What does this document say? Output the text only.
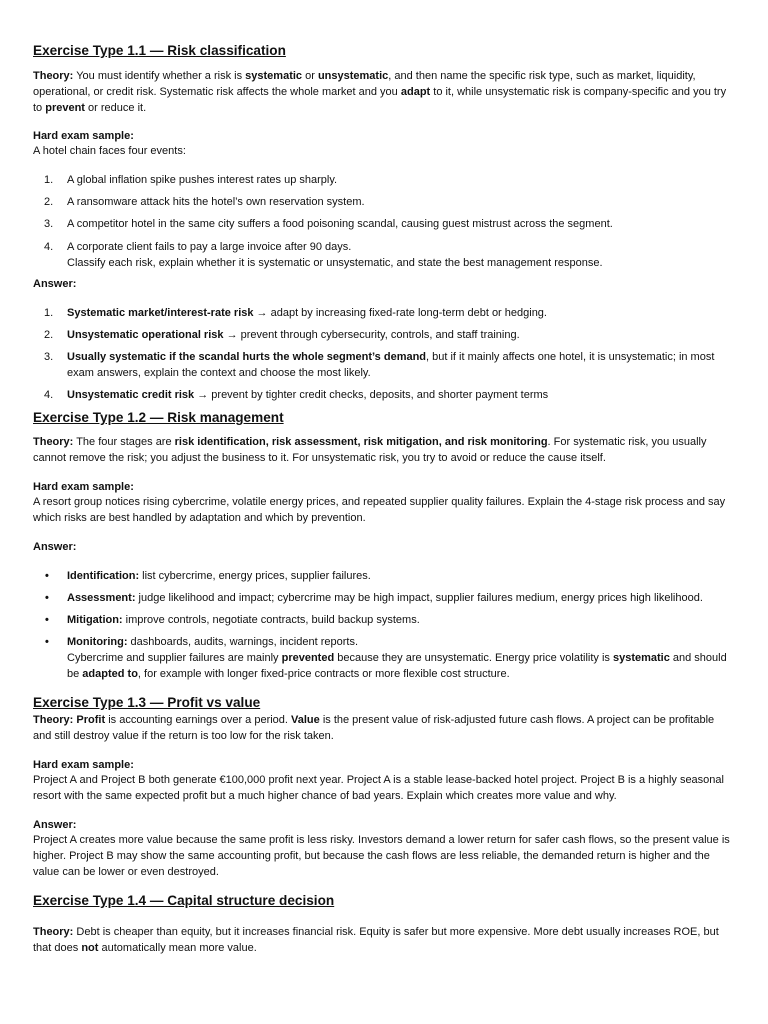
Exercise Type 1.1 — Risk classification
Theory: You must identify whether a risk is systematic or unsystematic, and then name the specific risk type, such as market, liquidity, operational, or credit risk. Systematic risk affects the whole market and you adapt to it, while unsystematic risk is company-specific and you try to prevent or reduce it.
Hard exam sample:
A hotel chain faces four events:
1. A global inflation spike pushes interest rates up sharply.
2. A ransomware attack hits the hotel’s own reservation system.
3. A competitor hotel in the same city suffers a food poisoning scandal, causing guest mistrust across the segment.
4. A corporate client fails to pay a large invoice after 90 days.
Classify each risk, explain whether it is systematic or unsystematic, and state the best management response.
Answer:
1. Systematic market/interest-rate risk → adapt by increasing fixed-rate long-term debt or hedging.
2. Unsystematic operational risk → prevent through cybersecurity, controls, and staff training.
3. Usually systematic if the scandal hurts the whole segment’s demand, but if it mainly affects one hotel, it is unsystematic; in most exam answers, explain the context and choose the most likely.
4. Unsystematic credit risk → prevent by tighter credit checks, deposits, and shorter payment terms
Exercise Type 1.2 — Risk management
Theory: The four stages are risk identification, risk assessment, risk mitigation, and risk monitoring. For systematic risk, you usually cannot remove the risk; you adjust the business to it. For unsystematic risk, you try to avoid or reduce the cause itself.
Hard exam sample:
A resort group notices rising cybercrime, volatile energy prices, and repeated supplier quality failures. Explain the 4-stage risk process and say which risks are best handled by adaptation and which by prevention.
Answer:
• Identification: list cybercrime, energy prices, supplier failures.
• Assessment: judge likelihood and impact; cybercrime may be high impact, supplier failures medium, energy prices high likelihood.
• Mitigation: improve controls, negotiate contracts, build backup systems.
• Monitoring: dashboards, audits, warnings, incident reports.
Cybercrime and supplier failures are mainly prevented because they are unsystematic. Energy price volatility is systematic and should be adapted to, for example with longer fixed-price contracts or more flexible cost structure.
Exercise Type 1.3 — Profit vs value
Theory: Profit is accounting earnings over a period. Value is the present value of risk-adjusted future cash flows. A project can be profitable and still destroy value if the return is too low for the risk taken.
Hard exam sample:
Project A and Project B both generate €100,000 profit next year. Project A is a stable lease-backed hotel project. Project B is a highly seasonal resort with the same expected profit but a much higher chance of bad years. Explain which creates more value and why.
Answer:
Project A creates more value because the same profit is less risky. Investors demand a lower return for safer cash flows, so the present value is higher. Project B may show the same accounting profit, but because the cash flows are less reliable, the demanded return is higher and the value can be lower or even destroyed.
Exercise Type 1.4 — Capital structure decision
Theory: Debt is cheaper than equity, but it increases financial risk. Equity is safer but more expensive. More debt usually increases ROE, but that does not automatically mean more value.
